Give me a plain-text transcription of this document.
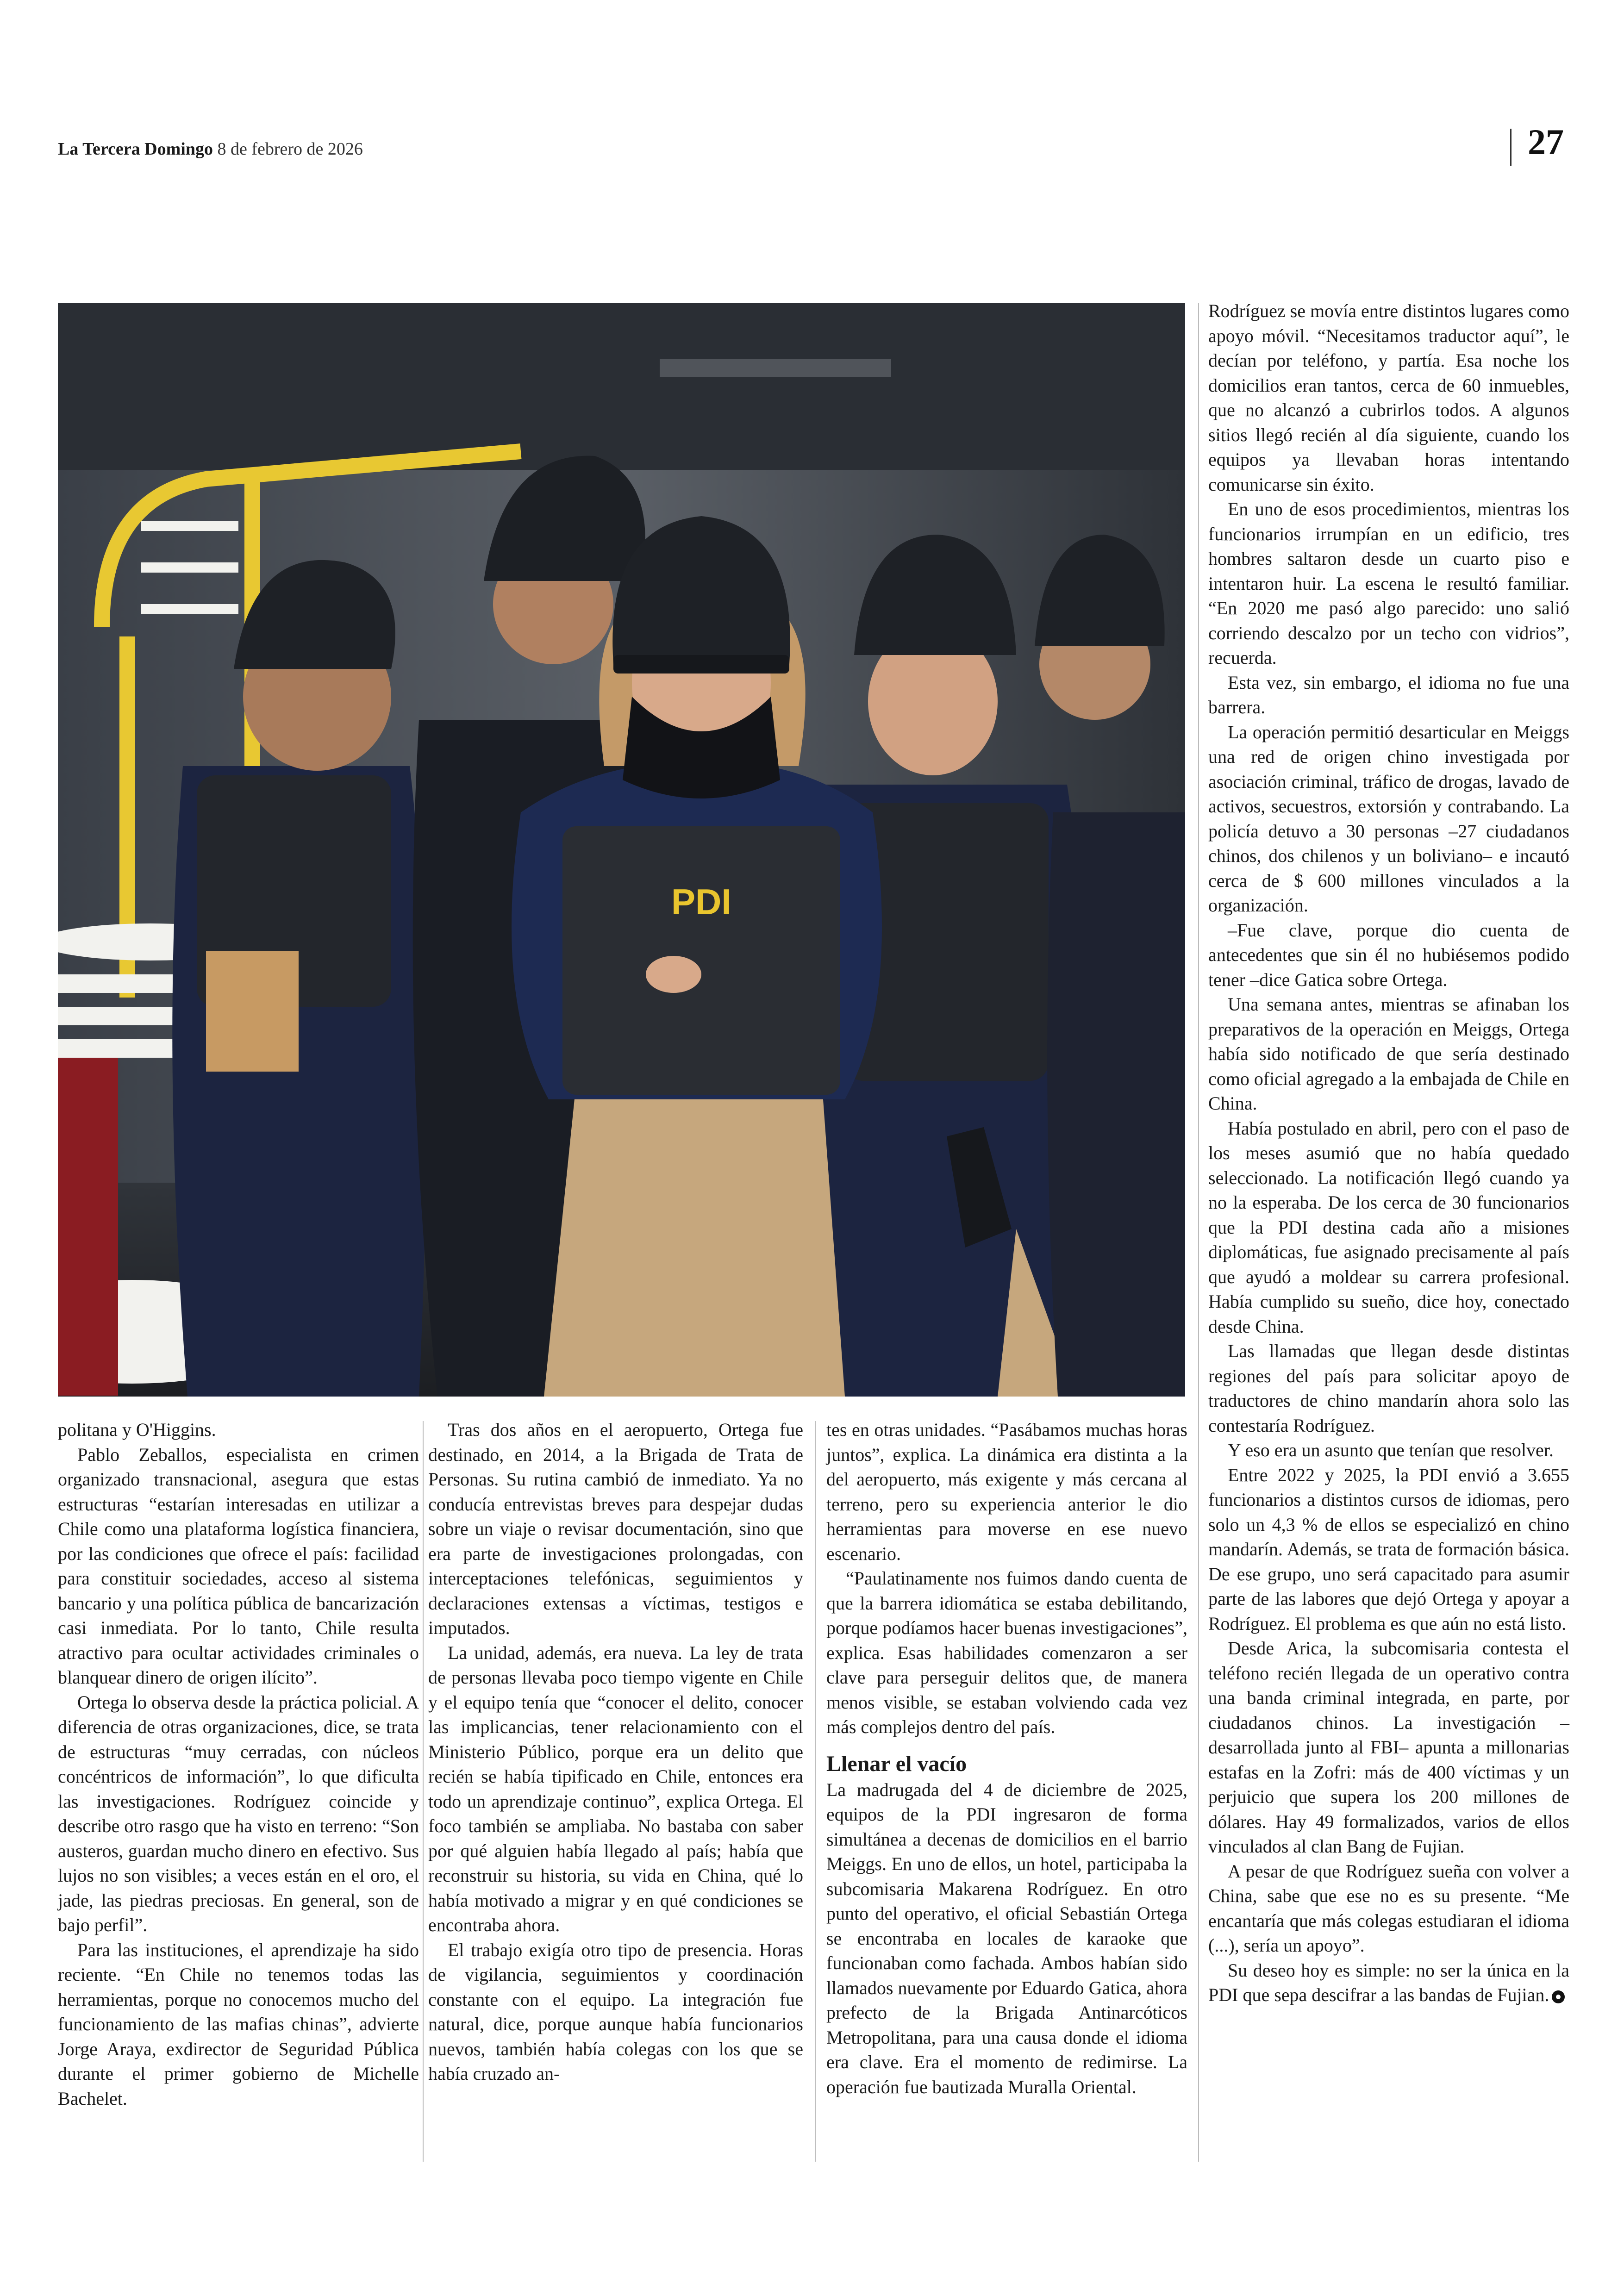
La Tercera Domingo 8 de febrero de 2026	27
PDI

politana y O'Higgins.

Pablo Zeballos, especialista en crimen organizado transnacional, asegura que estas estructuras “estarían interesadas en utilizar a Chile como una plataforma logística financiera, por las condiciones que ofrece el país: facilidad para constituir sociedades, acceso al sistema bancario y una política pública de bancarización casi inmediata. Por lo tanto, Chile resulta atractivo para ocultar actividades criminales o blanquear dinero de origen ilícito”.

Ortega lo observa desde la práctica policial. A diferencia de otras organizaciones, dice, se trata de estructuras “muy cerradas, con núcleos concéntricos de información”, lo que dificulta las investigaciones. Rodríguez coincide y describe otro rasgo que ha visto en terreno: “Son austeros, guardan mucho dinero en efectivo. Sus lujos no son visibles; a veces están en el oro, el jade, las piedras preciosas. En general, son de bajo perfil”.

Para las instituciones, el aprendizaje ha sido reciente. “En Chile no tenemos todas las herramientas, porque no conocemos mucho del funcionamiento de las mafias chinas”, advierte Jorge Araya, exdirector de Seguridad Pública durante el primer gobierno de Michelle Bachelet.

Tras dos años en el aeropuerto, Ortega fue destinado, en 2014, a la Brigada de Trata de Personas. Su rutina cambió de inmediato. Ya no conducía entrevistas breves para despejar dudas sobre un viaje o revisar documentación, sino que era parte de investigaciones prolongadas, con interceptaciones telefónicas, seguimientos y declaraciones extensas a víctimas, testigos e imputados.

La unidad, además, era nueva. La ley de trata de personas llevaba poco tiempo vigente en Chile y el equipo tenía que “conocer el delito, conocer las implicancias, tener relacionamiento con el Ministerio Público, porque era un delito que recién se había tipificado en Chile, entonces era todo un aprendizaje continuo”, explica Ortega. El foco también se ampliaba. No bastaba con saber por qué alguien había llegado al país; había que reconstruir su historia, su vida en China, qué lo había motivado a migrar y en qué condiciones se encontraba ahora.

El trabajo exigía otro tipo de presencia. Horas de vigilancia, seguimientos y coordinación constante con el equipo. La integración fue natural, dice, porque aunque había funcionarios nuevos, también había colegas con los que se había cruzado an-

tes en otras unidades. “Pasábamos muchas horas juntos”, explica. La dinámica era distinta a la del aeropuerto, más exigente y más cercana al terreno, pero su experiencia anterior le dio herramientas para moverse en ese nuevo escenario.

“Paulatinamente nos fuimos dando cuenta de que la barrera idiomática se estaba debilitando, porque podíamos hacer buenas investigaciones”, explica. Esas habilidades comenzaron a ser clave para perseguir delitos que, de manera menos visible, se estaban volviendo cada vez más complejos dentro del país.

Llenar el vacío

La madrugada del 4 de diciembre de 2025, equipos de la PDI ingresaron de forma simultánea a decenas de domicilios en el barrio Meiggs. En uno de ellos, un hotel, participaba la subcomisaria Makarena Rodríguez. En otro punto del operativo, el oficial Sebastián Ortega se encontraba en locales de karaoke que funcionaban como fachada. Ambos habían sido llamados nuevamente por Eduardo Gatica, ahora prefecto de la Brigada Antinarcóticos Metropolitana, para una causa donde el idioma era clave. Era el momento de redimirse. La operación fue bautizada Muralla Oriental.

Rodríguez se movía entre distintos lugares como apoyo móvil. “Necesitamos traductor aquí”, le decían por teléfono, y partía. Esa noche los domicilios eran tantos, cerca de 60 inmuebles, que no alcanzó a cubrirlos todos. A algunos sitios llegó recién al día siguiente, cuando los equipos ya llevaban horas intentando comunicarse sin éxito.

En uno de esos procedimientos, mientras los funcionarios irrumpían en un edificio, tres hombres saltaron desde un cuarto piso e intentaron huir. La escena le resultó familiar. “En 2020 me pasó algo parecido: uno salió corriendo descalzo por un techo con vidrios”, recuerda.

Esta vez, sin embargo, el idioma no fue una barrera.

La operación permitió desarticular en Meiggs una red de origen chino investigada por asociación criminal, tráfico de drogas, lavado de activos, secuestros, extorsión y contrabando. La policía detuvo a 30 personas –27 ciudadanos chinos, dos chilenos y un boliviano– e incautó cerca de $ 600 millones vinculados a la organización.

–Fue clave, porque dio cuenta de antecedentes que sin él no hubiésemos podido tener –dice Gatica sobre Ortega.

Una semana antes, mientras se afinaban los preparativos de la operación en Meiggs, Ortega había sido notificado de que sería destinado como oficial agregado a la embajada de Chile en China.

Había postulado en abril, pero con el paso de los meses asumió que no había quedado seleccionado. La notificación llegó cuando ya no la esperaba. De los cerca de 30 funcionarios que la PDI destina cada año a misiones diplomáticas, fue asignado precisamente al país que ayudó a moldear su carrera profesional. Había cumplido su sueño, dice hoy, conectado desde China.

Las llamadas que llegan desde distintas regiones del país para solicitar apoyo de traductores de chino mandarín ahora solo las contestaría Rodríguez.

Y eso era un asunto que tenían que resolver.

Entre 2022 y 2025, la PDI envió a 3.655 funcionarios a distintos cursos de idiomas, pero solo un 4,3 % de ellos se especializó en chino mandarín. Además, se trata de formación básica. De ese grupo, uno será capacitado para asumir parte de las labores que dejó Ortega y apoyar a Rodríguez. El problema es que aún no está listo.

Desde Arica, la subcomisaria contesta el teléfono recién llegada de un operativo contra una banda criminal integrada, en parte, por ciudadanos chinos. La investigación –desarrollada junto al FBI– apunta a millonarias estafas en la Zofri: más de 400 víctimas y un perjuicio que supera los 200 millones de dólares. Hay 49 formalizados, varios de ellos vinculados al clan Bang de Fujian.

A pesar de que Rodríguez sueña con volver a China, sabe que ese no es su presente. “Me encantaría que más colegas estudiaran el idioma (...), sería un apoyo”.

Su deseo hoy es simple: no ser la única en la PDI que sepa descifrar a las bandas de Fujian.
